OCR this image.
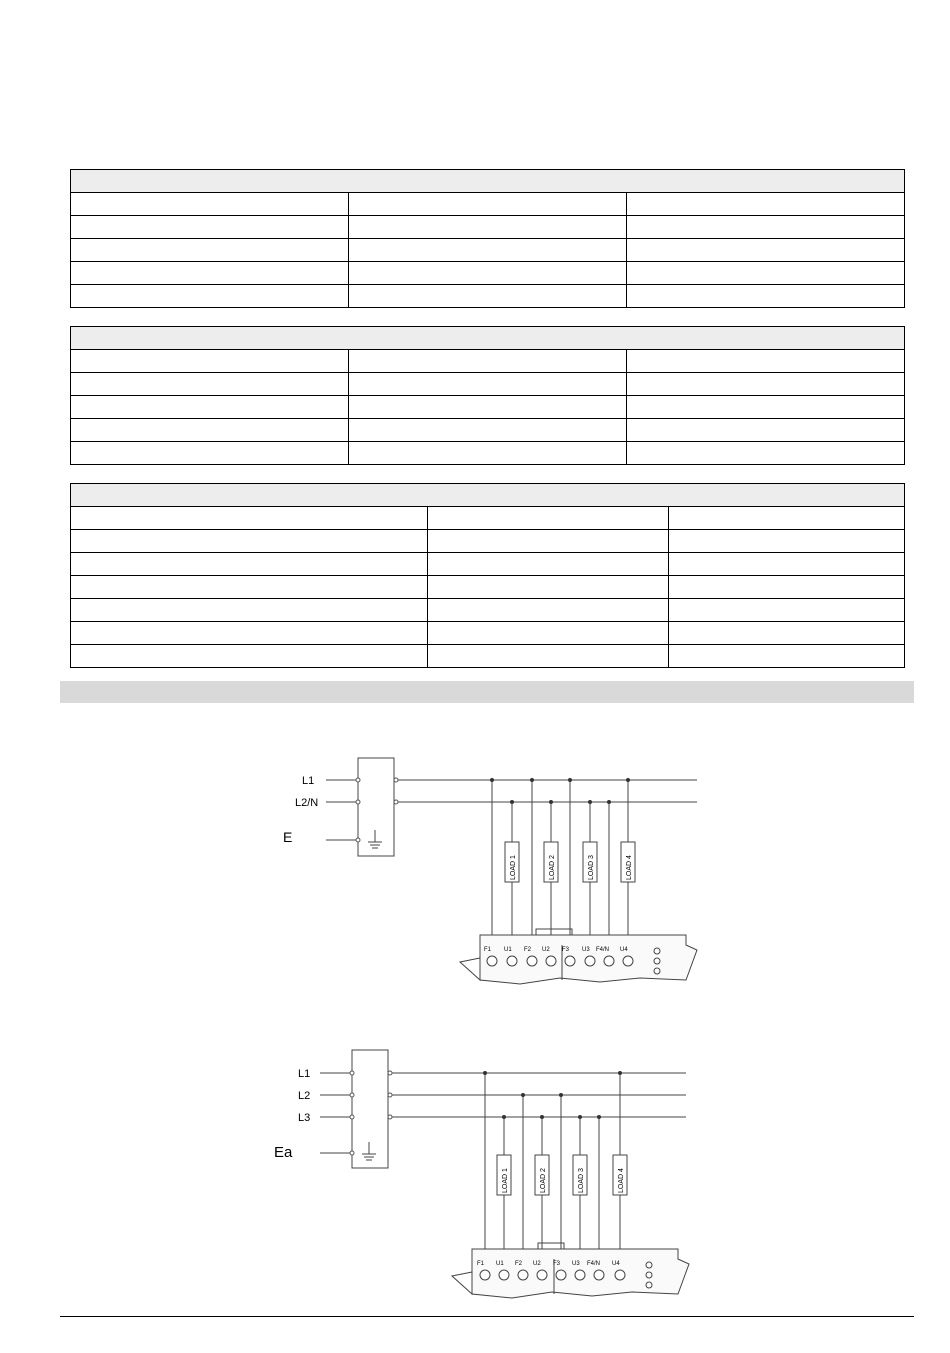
L1
L2/N
E
LOAD 1	LOAD 2	LOAD 3	LOAD 4
F1 U1 F2 U2 F3 U3 F4/N U4
L1
L2
L3
Ea
LOAD 1	LOAD 2	LOAD 3	LOAD 4
F1 U1 F2 U2 F3 U3 F4/N U4
